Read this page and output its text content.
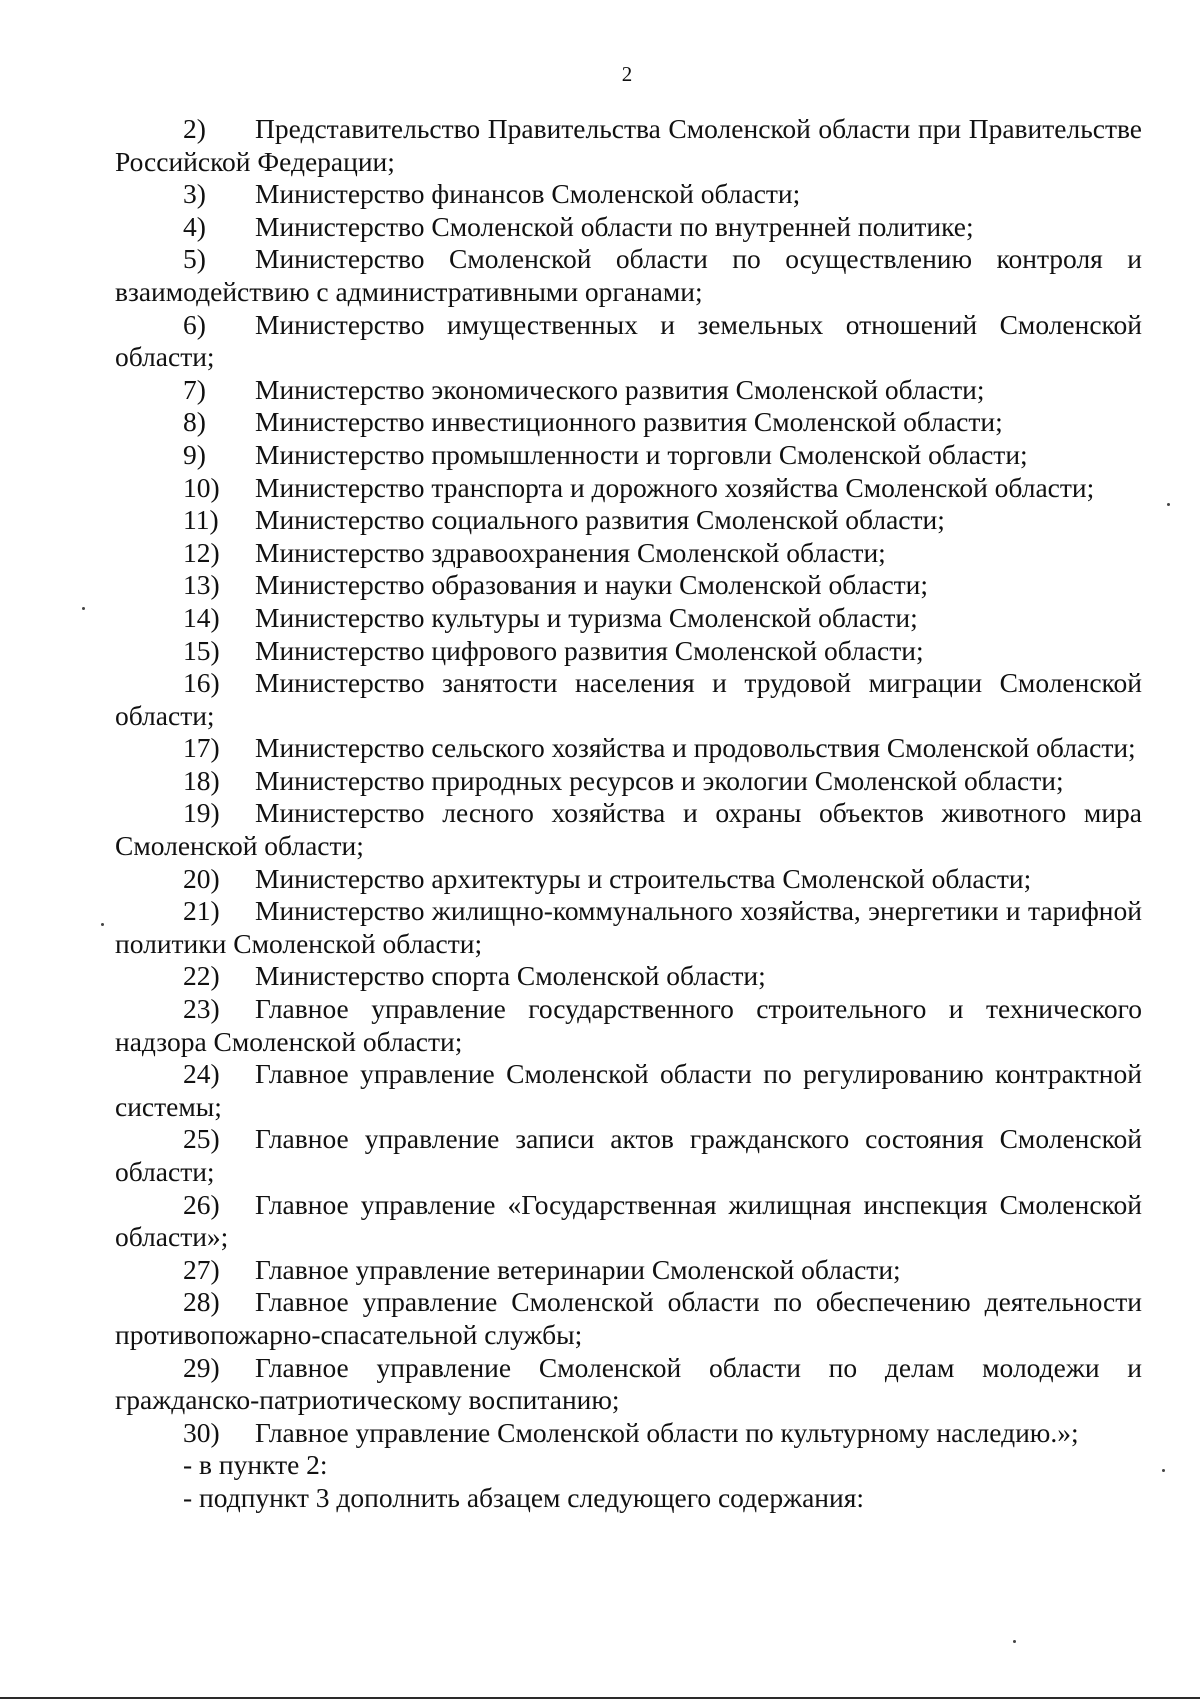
2

2) Представительство Правительства Смоленской области при Правительстве Российской Федерации;

3) Министерство финансов Смоленской области;

4) Министерство Смоленской области по внутренней политике;

5) Министерство Смоленской области по осуществлению контроля и взаимодействию с административными органами;

6) Министерство имущественных и земельных отношений Смоленской области;

7) Министерство экономического развития Смоленской области;

8) Министерство инвестиционного развития Смоленской области;

9) Министерство промышленности и торговли Смоленской области;

10) Министерство транспорта и дорожного хозяйства Смоленской области;

11) Министерство социального развития Смоленской области;

12) Министерство здравоохранения Смоленской области;

13) Министерство образования и науки Смоленской области;

14) Министерство культуры и туризма Смоленской области;

15) Министерство цифрового развития Смоленской области;

16) Министерство занятости населения и трудовой миграции Смоленской области;

17) Министерство сельского хозяйства и продовольствия Смоленской области;

18) Министерство природных ресурсов и экологии Смоленской области;

19) Министерство лесного хозяйства и охраны объектов животного мира Смоленской области;

20) Министерство архитектуры и строительства Смоленской области;

21) Министерство жилищно-коммунального хозяйства, энергетики и тарифной политики Смоленской области;

22) Министерство спорта Смоленской области;

23) Главное управление государственного строительного и технического надзора Смоленской области;

24) Главное управление Смоленской области по регулированию контрактной системы;

25) Главное управление записи актов гражданского состояния Смоленской области;

26) Главное управление «Государственная жилищная инспекция Смоленской области»;

27) Главное управление ветеринарии Смоленской области;

28) Главное управление Смоленской области по обеспечению деятельности противопожарно-спасательной службы;

29) Главное управление Смоленской области по делам молодежи и гражданско-патриотическому воспитанию;

30) Главное управление Смоленской области по культурному наследию.»;

- в пункте 2:

- подпункт 3 дополнить абзацем следующего содержания:
